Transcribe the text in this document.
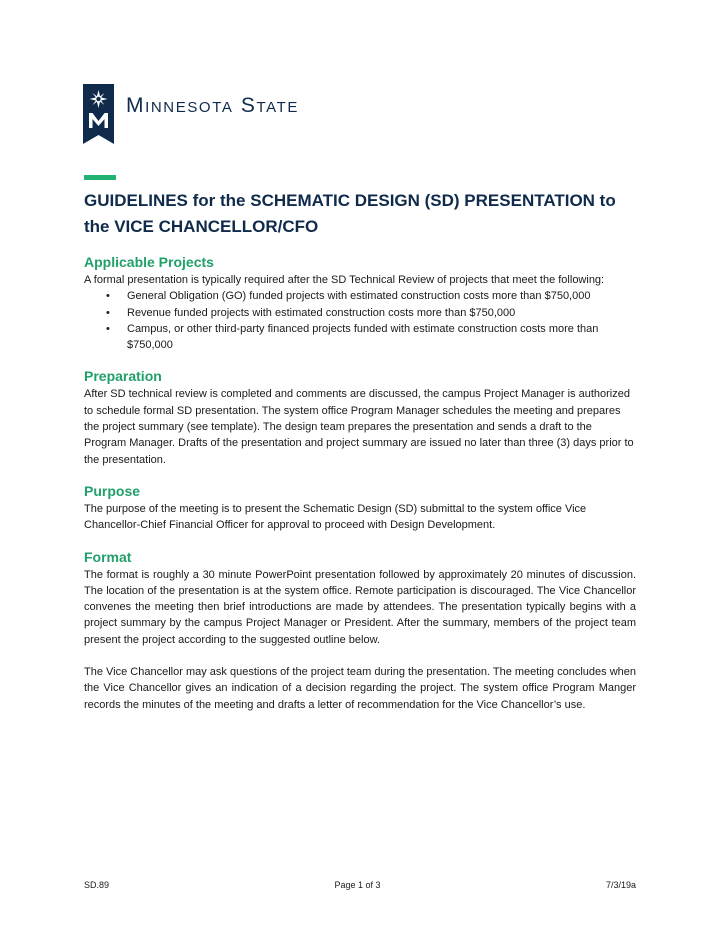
Minnesota State
GUIDELINES for the SCHEMATIC DESIGN (SD) PRESENTATION to the VICE CHANCELLOR/CFO
Applicable Projects

A formal presentation is typically required after the SD Technical Review of projects that meet the following:

• General Obligation (GO) funded projects with estimated construction costs more than $750,000
• Revenue funded projects with estimated construction costs more than $750,000
• Campus, or other third-party financed projects funded with estimate construction costs more than $750,000
Preparation

After SD technical review is completed and comments are discussed, the campus Project Manager is authorized to schedule formal SD presentation. The system office Program Manager schedules the meeting and prepares the project summary (see template). The design team prepares the presentation and sends a draft to the Program Manager. Drafts of the presentation and project summary are issued no later than three (3) days prior to the presentation.

Purpose

The purpose of the meeting is to present the Schematic Design (SD) submittal to the system office Vice Chancellor-Chief Financial Officer for approval to proceed with Design Development.

Format

The format is roughly a 30 minute PowerPoint presentation followed by approximately 20 minutes of discussion. The location of the presentation is at the system office. Remote participation is discouraged. The Vice Chancellor convenes the meeting then brief introductions are made by attendees. The presentation typically begins with a project summary by the campus Project Manager or President. After the summary, members of the project team present the project according to the suggested outline below.

The Vice Chancellor may ask questions of the project team during the presentation. The meeting concludes when the Vice Chancellor gives an indication of a decision regarding the project. The system office Program Manger records the minutes of the meeting and drafts a letter of recommendation for the Vice Chancellor’s use.

SD.89	Page 1 of 3	7/3/19a
